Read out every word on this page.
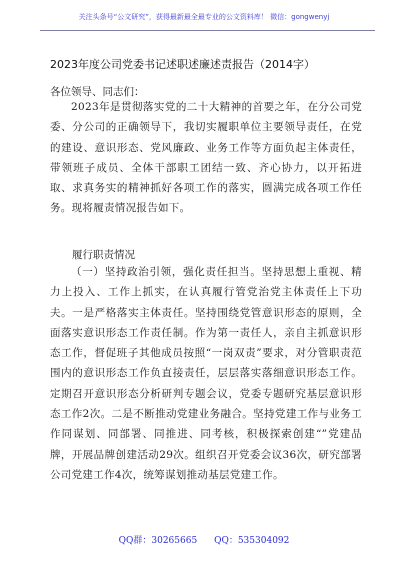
关注头条号“公文研究”，获得最新最全最专业的公文资料库！ 微信：gongwenyj
2023年度公司党委书记述职述廉述责报告（2014字）
各位领导、同志们：
2023年是贯彻落实党的二十大精神的首要之年，在分公司党委、分公司的正确领导下，我切实履职单位主要领导责任，在党的建设、意识形态、党风廉政、业务工作等方面负起主体责任，带领班子成员、全体干部职工团结一致、齐心协力，以开拓进取、求真务实的精神抓好各项工作的落实，圆满完成各项工作任务。现将履责情况报告如下。
履行职责情况
（一）坚持政治引领，强化责任担当。坚持思想上重视、精力上投入、工作上抓实，在认真履行管党治党主体责任上下功夫。一是严格落实主体责任。坚持围绕党管意识形态的原则，全面落实意识形态工作责任制。作为第一责任人，亲自主抓意识形态工作，督促班子其他成员按照“一岗双责”要求，对分管职责范围内的意识形态工作负直接责任，层层落实落细意识形态工作。定期召开意识形态分析研判专题会议，党委专题研究基层意识形态工作2次。二是不断推动党建业务融合。坚持党建工作与业务工作同谋划、同部署、同推进、同考核，积极探索创建“”党建品牌，开展品牌创建活动29次。组织召开党委会议36次，研究部署公司党建工作4次，统筹谋划推动基层党建工作。
QQ群：30265665 QQ：535304092
